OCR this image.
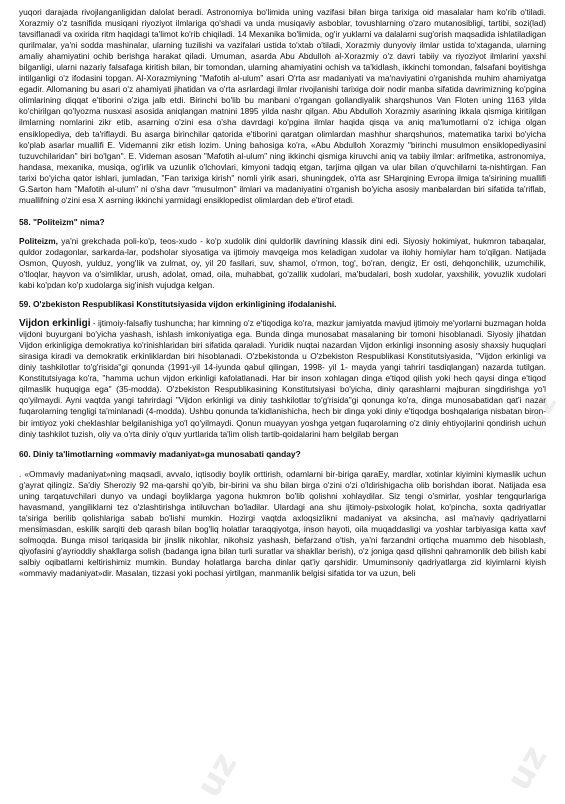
yuqori darajada rivojlanganligidan dalolat beradi. Astronomiya bo'limida uning vazifasi bilan birga tarixiga oid masalalar ham ko'rib o'tiladi. Xorazmiy o'z tasnifida musiqani riyoziyot ilmlariga qo'shadi va unda musiqaviy asboblar, tovushlarning o'zaro mutanosibligi, tartibi, sozi(lad) tavsiflanadi va oxirida ritm haqidagi ta'limot ko'rib chiqiladi. 14 Mexanika bo'limida, og'ir yuklarni va dalalarni sug'orish maqsadida ishlatiladigan qurilmalar, ya'ni sodda mashinalar, ularning tuzilishi va vazifalari ustida to'xtab o'tiladi, Xorazmiy dunyoviy ilmlar ustida to'xtaganda, ularning amaliy ahamiyatini ochib berishga harakat qiladi. Umuman, asarda Abu Abdulloh al-Xorazmiy o'z davri tabiiy va riyoziyot ilmlarini yaxshi bilganligi, ularni nazariy falsafaga kiritish bilan, bir tomondan, ularning ahamiyatini ochish va ta'kidlash, ikkinchi tomondan, falsafani boyitishga intilganligi o'z ifodasini topgan. Al-Xorazmiyning "Mafotih al-ulum" asari O'rta asr madaniyati va ma'naviyatini o'rganishda muhim ahamiyatga egadir. Allomaning bu asari o'z ahamiyati jihatidan va o'rta asrlardagi ilmlar rivojlanishi tarixiga doir nodir manba sifatida davrimizning ko'pgina olimlarining diqqat e'tiborini o'ziga jalb etdi. Birinchi bo'lib bu manbani o'rgangan gollandiyalik sharqshunos Van Floten uning 1163 yilda ko'chirilgan qo'lyozma nusxasi asosida aniqlangan matnini 1895 yilda nashr qilgan. Abu Abdulloh Xorazmiy asarining ikkala qismiga kiritilgan ilmlarning nomlarini zikr etib, asarning o'zini esa o'sha davrdagi ko'pgina ilmlar haqida qisqa va aniq ma'lumotlarni o'z ichiga olgan ensiklopediya, deb ta'riflaydi. Bu asarga birinchilar qatorida e'tiborini qaratgan olimlardan mashhur sharqshunos, matematika tarixi bo'yicha ko'plab asarlar muallifi E. Videmanni zikr etish lozim. Uning bahosiga ko'ra, «Abu Abdulloh Xorazmiy "birinchi musulmon ensiklopediyasini tuzuvchilaridan" biri bo'lgan". E. Videman asosan "Mafotih al-ulum" ning ikkinchi qismiga kiruvchi aniq va tabiiy ilmlar: arifmetika, astronomiya, handasa, mexanika, musiqa, og'irlik va uzunlik o'lchovlari, kimyoni tadqiq etgan, tarjima qilgan va ular bilan o'quvchilarni ta-nishtirgan. Fan tarixi bo'yicha qator ishlari, jumladan, "Fan tarixiga kirish" nomli yirik asari, shuningdek, o'rta asr SHarqining Evropa ilmiga ta'sirining muallifi G.Sarton ham "Mafotih al-ulum" ni o'sha davr "musulmon" ilmlari va madaniyatini o'rganish bo'yicha asosiy manbalardan biri sifatida ta'riflab, muallifning o'zini esa X asrning ikkinchi yarmidagi ensiklopedist olimlardan deb e'tirof etadi.

58. "Politeizm" nima?

Politeizm, ya'ni grekchada poli-ko'p, teos-xudo - ko'p xudolik dini quldorlik davrining klassik dini edi. Siyosiy hokimiyat, hukmron tabaqalar, quldor zodagonlar, sarkarda-lar, podsholar siyosatiga va ijtimoiy mavqeiga mos keladigan xudolar va ilohiy homiylar ham to'qilgan. Natijada Osmon, Quyosh, yulduz, yong'lik va zulmat, oy, yil 20 fasllari, suv, shamol, o'rmon, tog', bo'ran, dengiz, Er osti, dehqonchilik, uzumchilik, o'tloqlar, hayvon va o'simliklar, urush, adolat, omad, oila, muhabbat, go'zallik xudolari, ma'budalari, bosh xudolar, yaxshilik, yovuzlik xudolari kabi ko'pdan ko'p xudolarga sig'inish vujudga kelgan.

59. O'zbekiston Respublikasi Konstitutsiyasida vijdon erkinligining ifodalanishi.

Vijdon erkinligi - ijtimoiy-falsafiy tushuncha; har kimning o'z e'tiqodiga ko'ra, mazkur jamiyatda mavjud ijtimoiy me'yorlarni buzmagan holda vijdoni buyurgani bo'yicha yashash, ishlash imkoniyatiga ega. Bunda dinga munosabat masalaning bir tomoni hisoblanadi. Siyosiy jihatdan Vijdon erkinligiga demokratiya ko'rinishlaridan biri sifatida qaraladi. Yuridik nuqtai nazardan Vijdon erkinligi insonning asosiy shaxsiy huquqlari sirasiga kiradi va demokratik erkinliklardan biri hisoblanadi. O'zbekistonda u O'zbekiston Respublikasi Konstitutsiyasida, "Vijdon erkinligi va diniy tashkilotlar to'g'risida"gi qonunda (1991-yil 14-iyunda qabul qilingan, 1998- yil 1- mayda yangi tahriri tasdiqlangan) nazarda tutilgan. Konstitutsiyaga ko'ra, "hamma uchun vijdon erkinligi kafolatlanadi. Har bir inson xohlagan dinga e'tiqod qilish yoki hech qaysi dinga e'tiqod qilmaslik huquqiga ega" (35-modda). O'zbekiston Respublikasining Konstitutsiyasi bo'yicha, diniy qarashlarni majburan singdirishga yo'l qo'yilmaydi. Ayni vaqtda yangi tahrirdagi "Vijdon erkinligi va diniy tashkilotlar to'g'risida"gi qonunga ko'ra, dinga munosabatidan qat'i nazar fuqarolarning tengligi ta'minlanadi (4-modda). Ushbu qonunda ta'kidlanishicha, hech bir dinga yoki diniy e'tiqodga boshqalariga nisbatan biron-bir imtiyoz yoki cheklashlar belgilanishiga yo'l qo'yilmaydi. Qonun muayyan yoshga yetgan fuqarolarning o'z diniy ehtiyojlarini qondirish uchun diniy tashkilot tuzish, oliy va o'rta diniy o'quv yurtlarida ta'lim olish tartib-qoidalarini ham belgilab bergan

60. Diniy ta'limotlarning «ommaviy madaniyat»ga munosabati qanday?

. «Ommaviy madaniyat»ning maqsadi, avvalo, iqtisodiy boylik orttirish, odamlarni bir-biriga qaraEy, mardlar, xotinlar kiyimini kiymaslik uchun g'ayrat qilingiz. Sa'diy Sheroziy 92 ma-qarshi qo'yib, bir-birini va shu bilan birga o'zini o'zi o'ldirishigacha olib borishdan iborat. Natijada esa uning tarqatuvchilari dunyo va undagi boyliklarga yagona hukmron bo'lib qolishni xohlaydilar. Siz tengi o'smirlar, yoshlar tengqurlariga havasmand, yangiliklarni tez o'zlashtirishga intiluvchan bo'ladilar. Ulardagi ana shu ijtimoiy-psixologik holat, ko'pincha, soxta qadriyatlar ta'siriga berilib qolishlariga sabab bo'lishi mumkin. Hozirgi vaqtda axloqsizlikni madaniyat va aksincha, asl ma'naviy qadriyatlarni mensimasdan, eskilik sarqiti deb qarash bilan bog'liq holatlar taraqqiyotga, inson hayoti, oila muqaddasligi va yoshlar tarbiyasiga katta xavf solmoqda. Bunga misol tariqasida bir jinslik nikohlar, nikohsiz yashash, befarzand o'tish, ya'ni farzandni ortiqcha muammo deb hisoblash, qiyofasini g'ayrioddiy shakllarga solish (badanga igna bilan turli suratlar va shakllar berish), o'z joniga qasd qilishni qahramonlik deb bilish kabi salbiy oqibatlarni keltirishimiz mumkin. Bunday holatlarga barcha dinlar qat'iy qarshidir. Umuminsoniy qadriyatlarga zid kiyimlarni kiyish «ommaviy madaniyat»dir. Masalan, tizzasi yoki pochasi yirtilgan, manmanlik belgisi sifatida tor va uzun, beli

uz	uz
uz
uz	uz
